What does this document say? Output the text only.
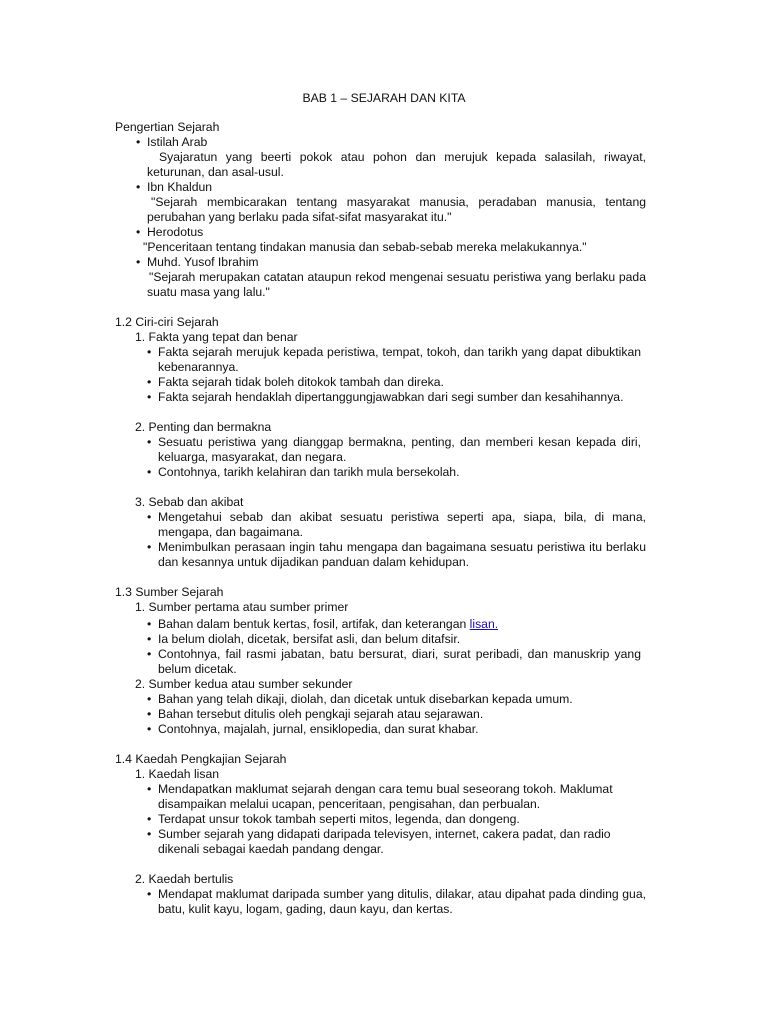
BAB 1 – SEJARAH DAN KITA
Pengertian Sejarah
• Istilah Arab
Syajaratun yang beerti pokok atau pohon dan merujuk kepada salasilah, riwayat, keturunan, dan asal-usul.
• Ibn Khaldun
"Sejarah membicarakan tentang masyarakat manusia, peradaban manusia, tentang perubahan yang berlaku pada sifat-sifat masyarakat itu."
• Herodotus
"Penceritaan tentang tindakan manusia dan sebab-sebab mereka melakukannya."
• Muhd. Yusof Ibrahim
"Sejarah merupakan catatan ataupun rekod mengenai sesuatu peristiwa yang berlaku pada suatu masa yang lalu."
1.2 Ciri-ciri Sejarah
1. Fakta yang tepat dan benar
• Fakta sejarah merujuk kepada peristiwa, tempat, tokoh, dan tarikh yang dapat dibuktikan kebenarannya.
• Fakta sejarah tidak boleh ditokok tambah dan direka.
• Fakta sejarah hendaklah dipertanggungjawabkan dari segi sumber dan kesahihannya.
2. Penting dan bermakna
• Sesuatu peristiwa yang dianggap bermakna, penting, dan memberi kesan kepada diri, keluarga, masyarakat, dan negara.
• Contohnya, tarikh kelahiran dan tarikh mula bersekolah.
3. Sebab dan akibat
• Mengetahui sebab dan akibat sesuatu peristiwa seperti apa, siapa, bila, di mana, mengapa, dan bagaimana.
• Menimbulkan perasaan ingin tahu mengapa dan bagaimana sesuatu peristiwa itu berlaku dan kesannya untuk dijadikan panduan dalam kehidupan.
1.3 Sumber Sejarah
1. Sumber pertama atau sumber primer
• Bahan dalam bentuk kertas, fosil, artifak, dan keterangan lisan.
• Ia belum diolah, dicetak, bersifat asli, dan belum ditafsir.
• Contohnya, fail rasmi jabatan, batu bersurat, diari, surat peribadi, dan manuskrip yang belum dicetak.
2. Sumber kedua atau sumber sekunder
• Bahan yang telah dikaji, diolah, dan dicetak untuk disebarkan kepada umum.
• Bahan tersebut ditulis oleh pengkaji sejarah atau sejarawan.
• Contohnya, majalah, jurnal, ensiklopedia, dan surat khabar.
1.4 Kaedah Pengkajian Sejarah
1. Kaedah lisan
• Mendapatkan maklumat sejarah dengan cara temu bual seseorang tokoh. Maklumat disampaikan melalui ucapan, penceritaan, pengisahan, dan perbualan.
• Terdapat unsur tokok tambah seperti mitos, legenda, dan dongeng.
• Sumber sejarah yang didapati daripada televisyen, internet, cakera padat, dan radio dikenali sebagai kaedah pandang dengar.
2. Kaedah bertulis
• Mendapat maklumat daripada sumber yang ditulis, dilakar, atau dipahat pada dinding gua, batu, kulit kayu, logam, gading, daun kayu, dan kertas.
